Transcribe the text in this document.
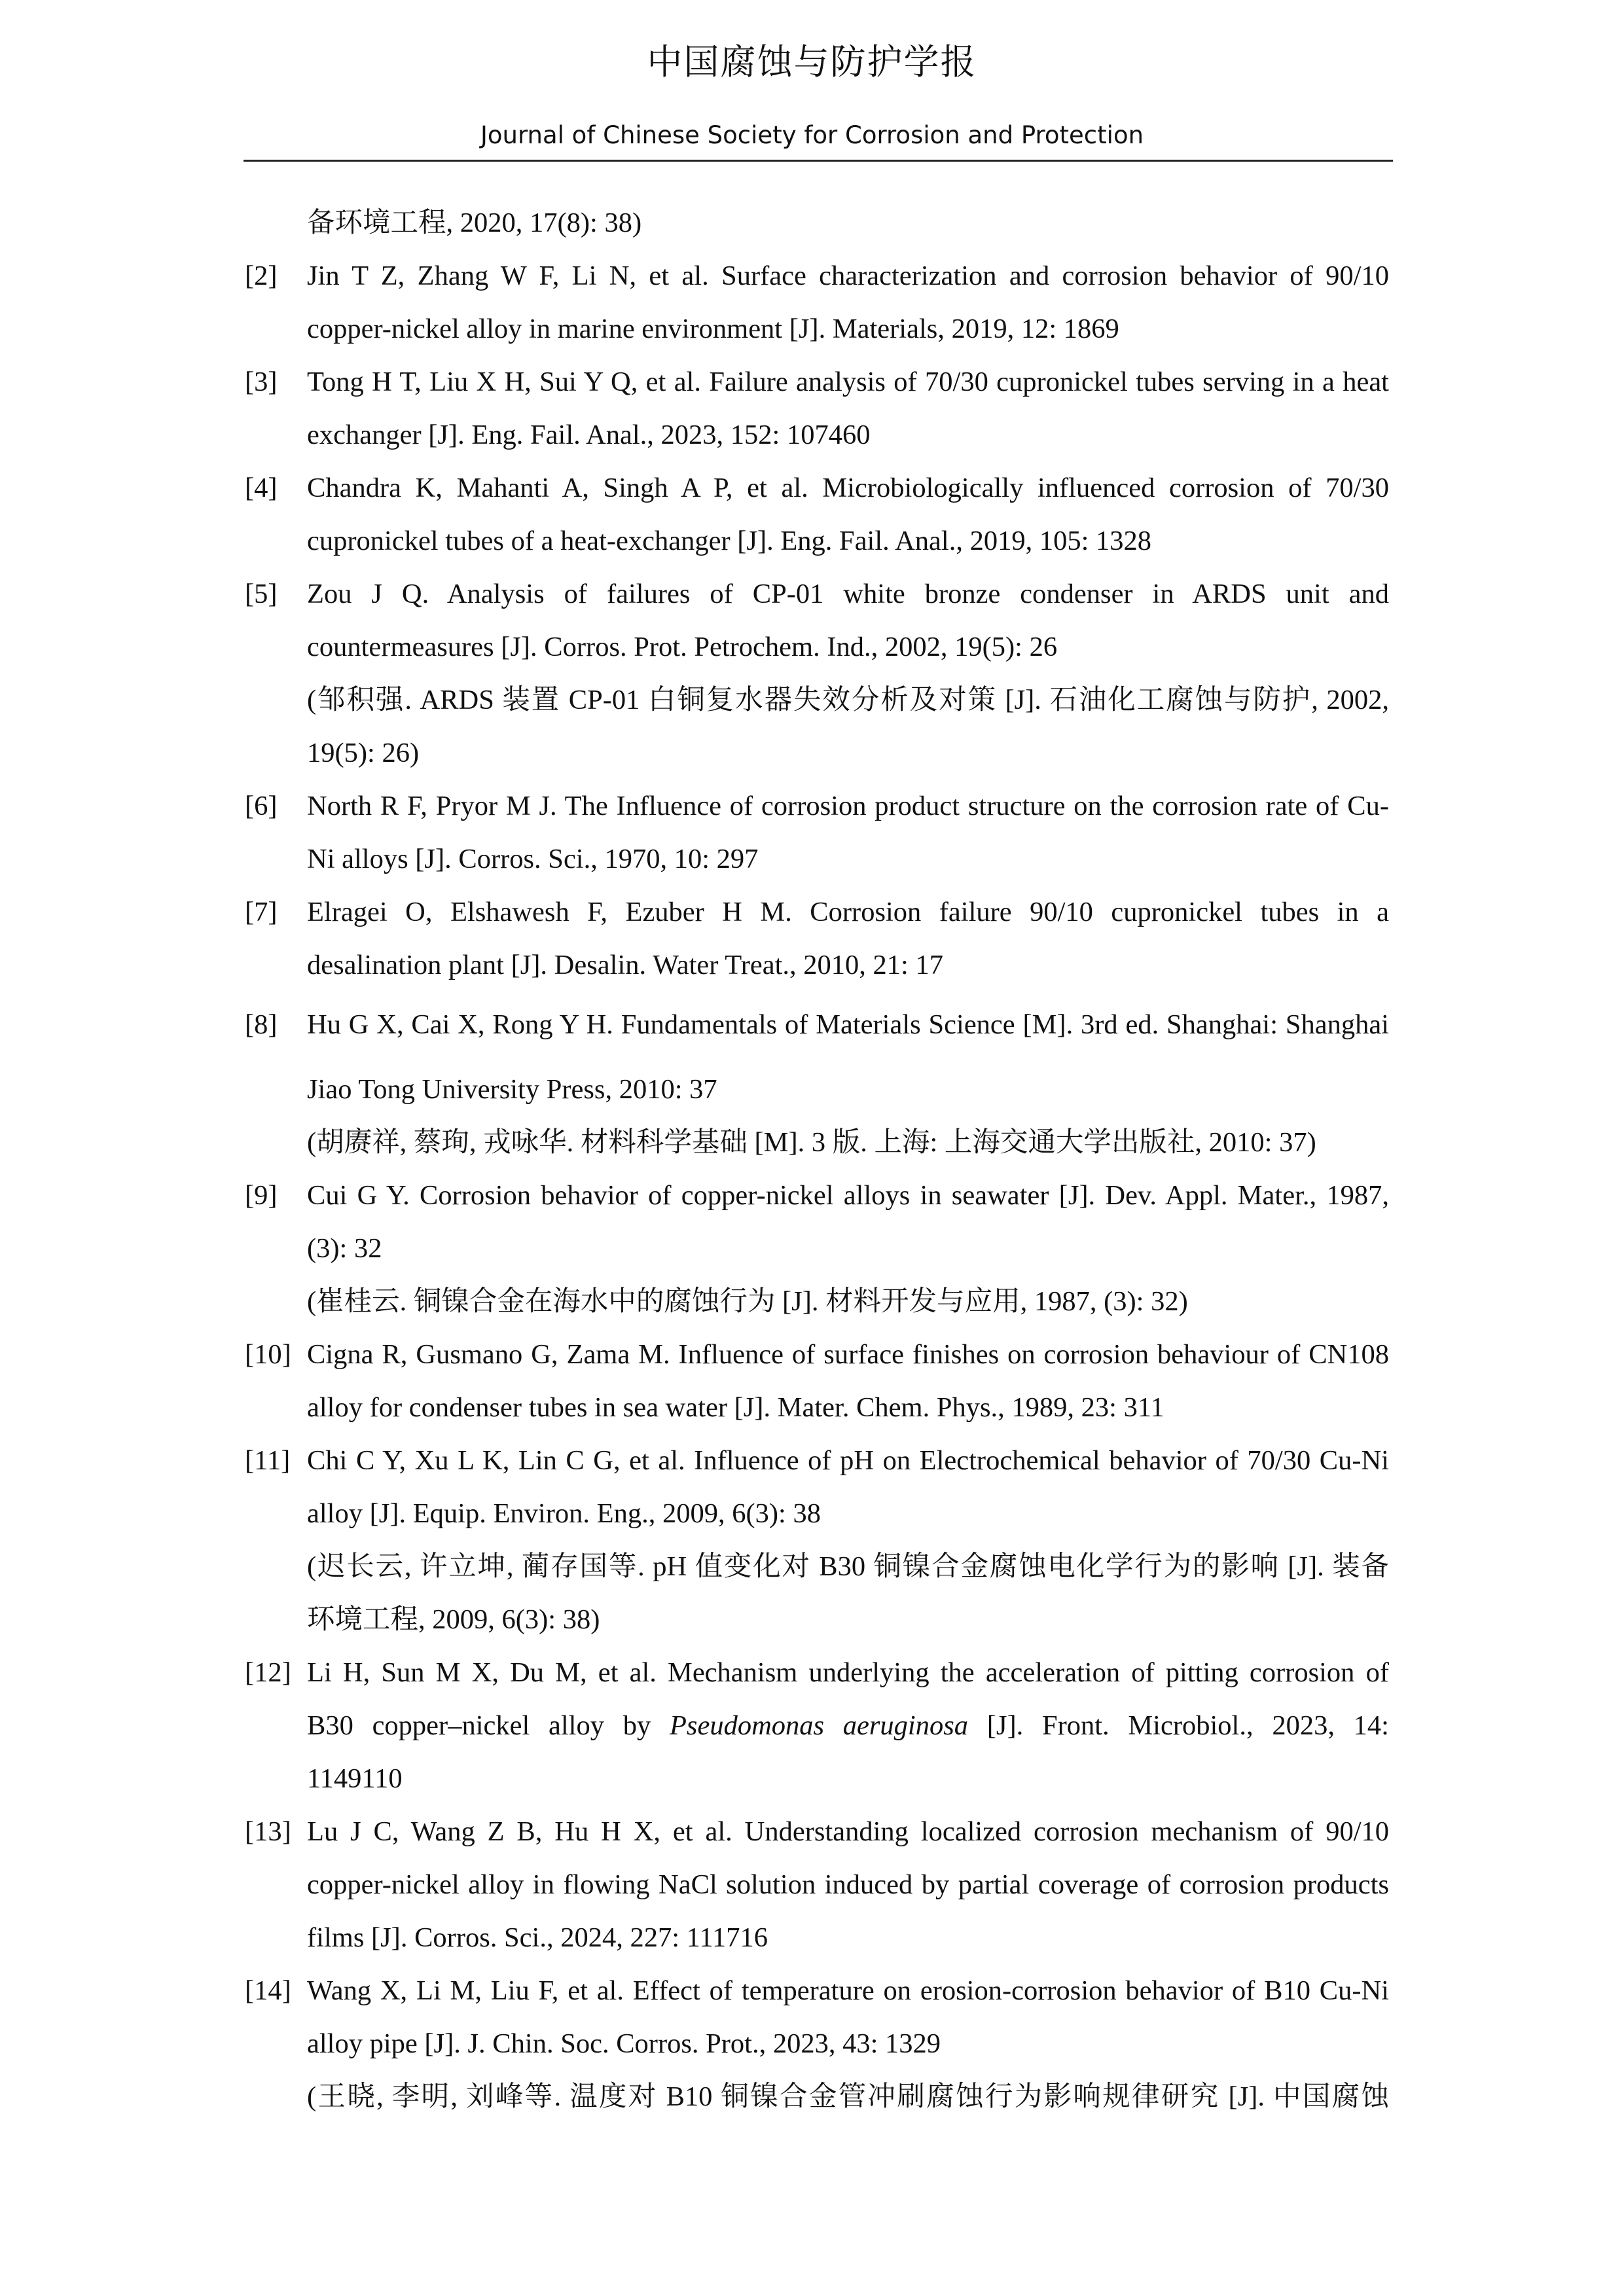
中国腐蚀与防护学报
Journal of Chinese Society for Corrosion and Protection
备环境工程, 2020, 17(8): 38)
[2] Jin T Z, Zhang W F, Li N, et al. Surface characterization and corrosion behavior of 90/10
copper-nickel alloy in marine environment [J]. Materials, 2019, 12: 1869
[3] Tong H T, Liu X H, Sui Y Q, et al. Failure analysis of 70/30 cupronickel tubes serving in a heat
exchanger [J]. Eng. Fail. Anal., 2023, 152: 107460
[4] Chandra K, Mahanti A, Singh A P, et al. Microbiologically influenced corrosion of 70/30
cupronickel tubes of a heat-exchanger [J]. Eng. Fail. Anal., 2019, 105: 1328
[5] Zou J Q. Analysis of failures of CP-01 white bronze condenser in ARDS unit and
countermeasures [J]. Corros. Prot. Petrochem. Ind., 2002, 19(5): 26
(邹积强. ARDS 装置 CP-01 白铜复水器失效分析及对策 [J]. 石油化工腐蚀与防护, 2002,
19(5): 26)
[6] North R F, Pryor M J. The Influence of corrosion product structure on the corrosion rate of Cu-
Ni alloys [J]. Corros. Sci., 1970, 10: 297
[7] Elragei O, Elshawesh F, Ezuber H M. Corrosion failure 90/10 cupronickel tubes in a
desalination plant [J]. Desalin. Water Treat., 2010, 21: 17
[8] Hu G X, Cai X, Rong Y H. Fundamentals of Materials Science [M]. 3rd ed. Shanghai: Shanghai
Jiao Tong University Press, 2010: 37
(胡赓祥, 蔡珣, 戎咏华. 材料科学基础 [M]. 3 版. 上海: 上海交通大学出版社, 2010: 37)
[9] Cui G Y. Corrosion behavior of copper-nickel alloys in seawater [J]. Dev. Appl. Mater., 1987,
(3): 32
(崔桂云. 铜镍合金在海水中的腐蚀行为 [J]. 材料开发与应用, 1987, (3): 32)
[10] Cigna R, Gusmano G, Zama M. Influence of surface finishes on corrosion behaviour of CN108
alloy for condenser tubes in sea water [J]. Mater. Chem. Phys., 1989, 23: 311
[11] Chi C Y, Xu L K, Lin C G, et al. Influence of pH on Electrochemical behavior of 70/30 Cu-Ni
alloy [J]. Equip. Environ. Eng., 2009, 6(3): 38
(迟长云, 许立坤, 蔺存国等. pH 值变化对 B30 铜镍合金腐蚀电化学行为的影响 [J]. 装备
环境工程, 2009, 6(3): 38)
[12] Li H, Sun M X, Du M, et al. Mechanism underlying the acceleration of pitting corrosion of
B30 copper–nickel alloy by Pseudomonas aeruginosa [J]. Front. Microbiol., 2023, 14:
1149110
[13] Lu J C, Wang Z B, Hu H X, et al. Understanding localized corrosion mechanism of 90/10
copper-nickel alloy in flowing NaCl solution induced by partial coverage of corrosion products
films [J]. Corros. Sci., 2024, 227: 111716
[14] Wang X, Li M, Liu F, et al. Effect of temperature on erosion-corrosion behavior of B10 Cu-Ni
alloy pipe [J]. J. Chin. Soc. Corros. Prot., 2023, 43: 1329
(王晓, 李明, 刘峰等. 温度对 B10 铜镍合金管冲刷腐蚀行为影响规律研究 [J]. 中国腐蚀
